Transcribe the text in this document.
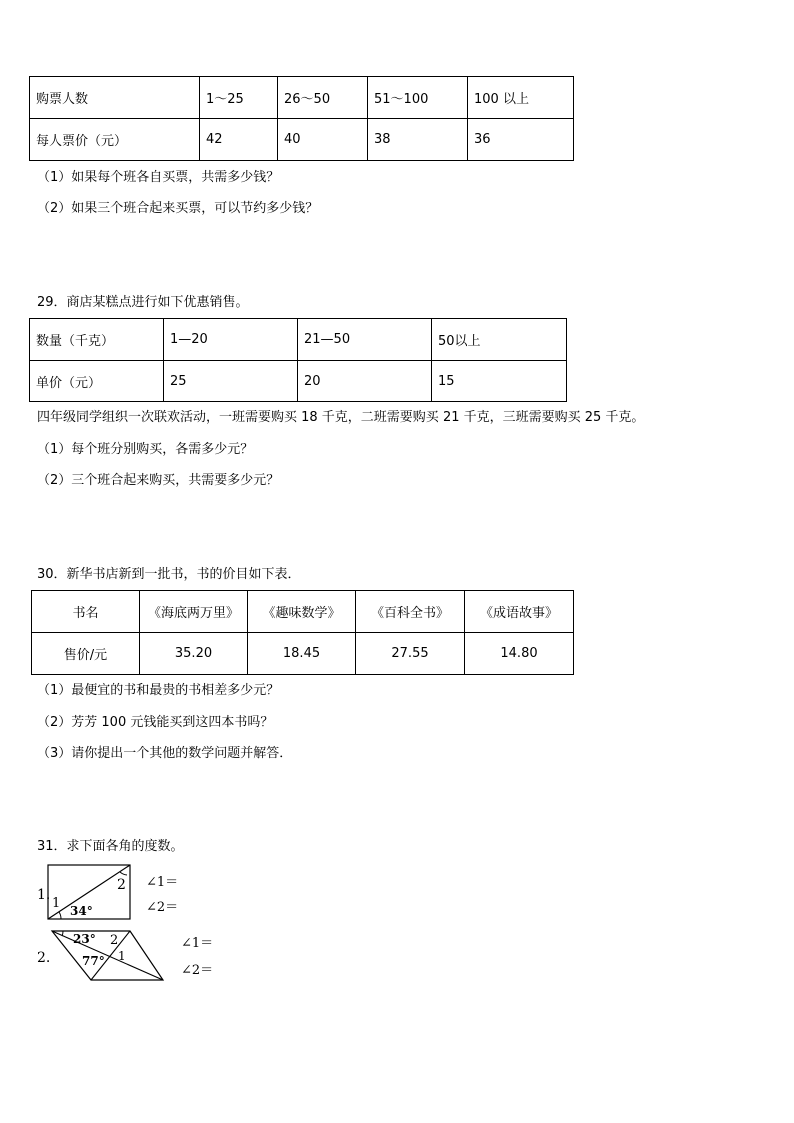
购票人数	1～25	26～50	51～100	100 以上
每人票价（元）	42	40	38	36
（1）如果每个班各自买票，共需多少钱？
（2）如果三个班合起来买票，可以节约多少钱？
29．商店某糕点进行如下优惠销售。
数量（千克）	1—20	21—50	50以上
单价（元）	25	20	15
四年级同学组织一次联欢活动，一班需要购买 18 千克，二班需要购买 21 千克，三班需要购买 25 千克。
（1）每个班分别购买，各需多少元？
（2）三个班合起来购买，共需要多少元？
30．新华书店新到一批书，书的价目如下表．
书名	《海底两万里》	《趣味数学》	《百科全书》	《成语故事》
售价/元	35.20	18.45	27.55	14.80
（1）最便宜的书和最贵的书相差多少元？
（2）芳芳 100 元钱能买到这四本书吗？
（3）请你提出一个其他的数学问题并解答．
31．求下面各角的度数。
1.
1
2
34°
∠1＝
∠2＝
2.
23° 2
77° 1
∠1＝
∠2＝
